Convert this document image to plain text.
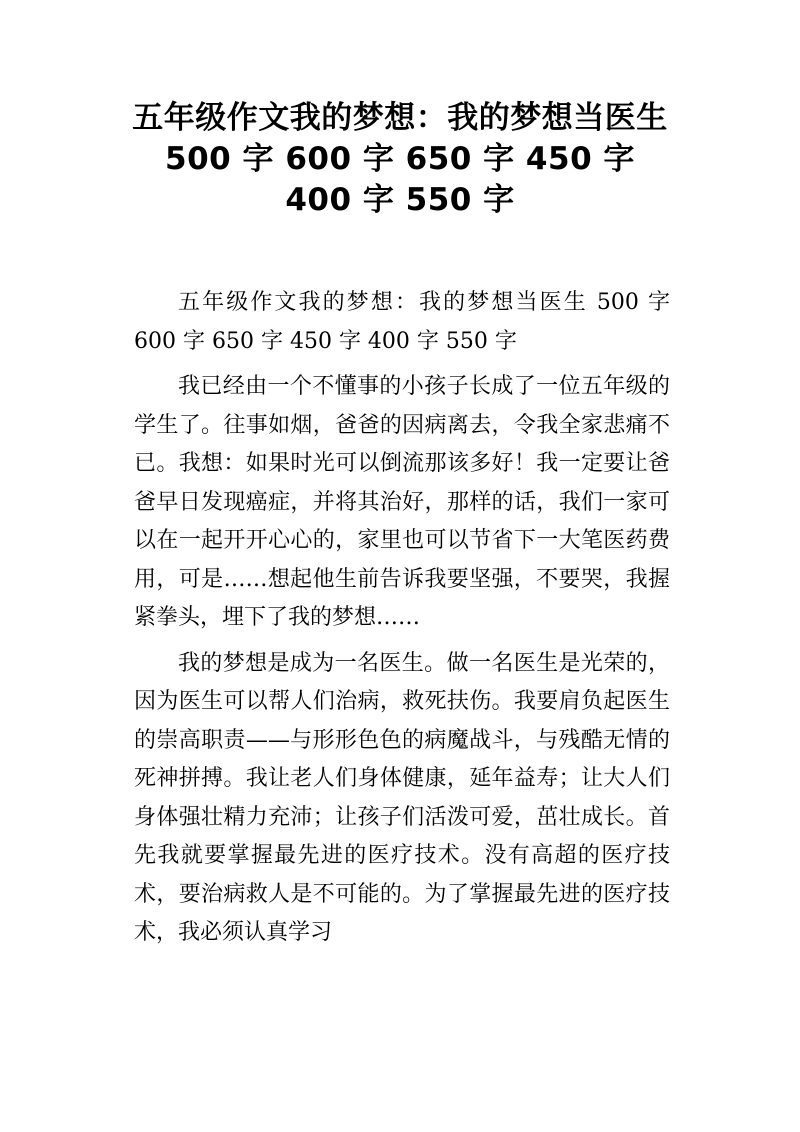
五年级作文我的梦想：我的梦想当医生 500 字 600 字 650 字 450 字 400 字 550 字

五年级作文我的梦想：我的梦想当医生 500 字 600 字 650 字 450 字 400 字 550 字

我已经由一个不懂事的小孩子长成了一位五年级的学生了。往事如烟，爸爸的因病离去，令我全家悲痛不已。我想：如果时光可以倒流那该多好！我一定要让爸爸早日发现癌症，并将其治好，那样的话，我们一家可以在一起开开心心的，家里也可以节省下一大笔医药费用，可是……想起他生前告诉我要坚强，不要哭，我握紧拳头，埋下了我的梦想……

我的梦想是成为一名医生。做一名医生是光荣的，因为医生可以帮人们治病，救死扶伤。我要肩负起医生的崇高职责——与形形色色的病魔战斗，与残酷无情的死神拼搏。我让老人们身体健康，延年益寿；让大人们身体强壮精力充沛；让孩子们活泼可爱，茁壮成长。首先我就要掌握最先进的医疗技术。没有高超的医疗技术，要治病救人是不可能的。为了掌握最先进的医疗技术，我必须认真学习
